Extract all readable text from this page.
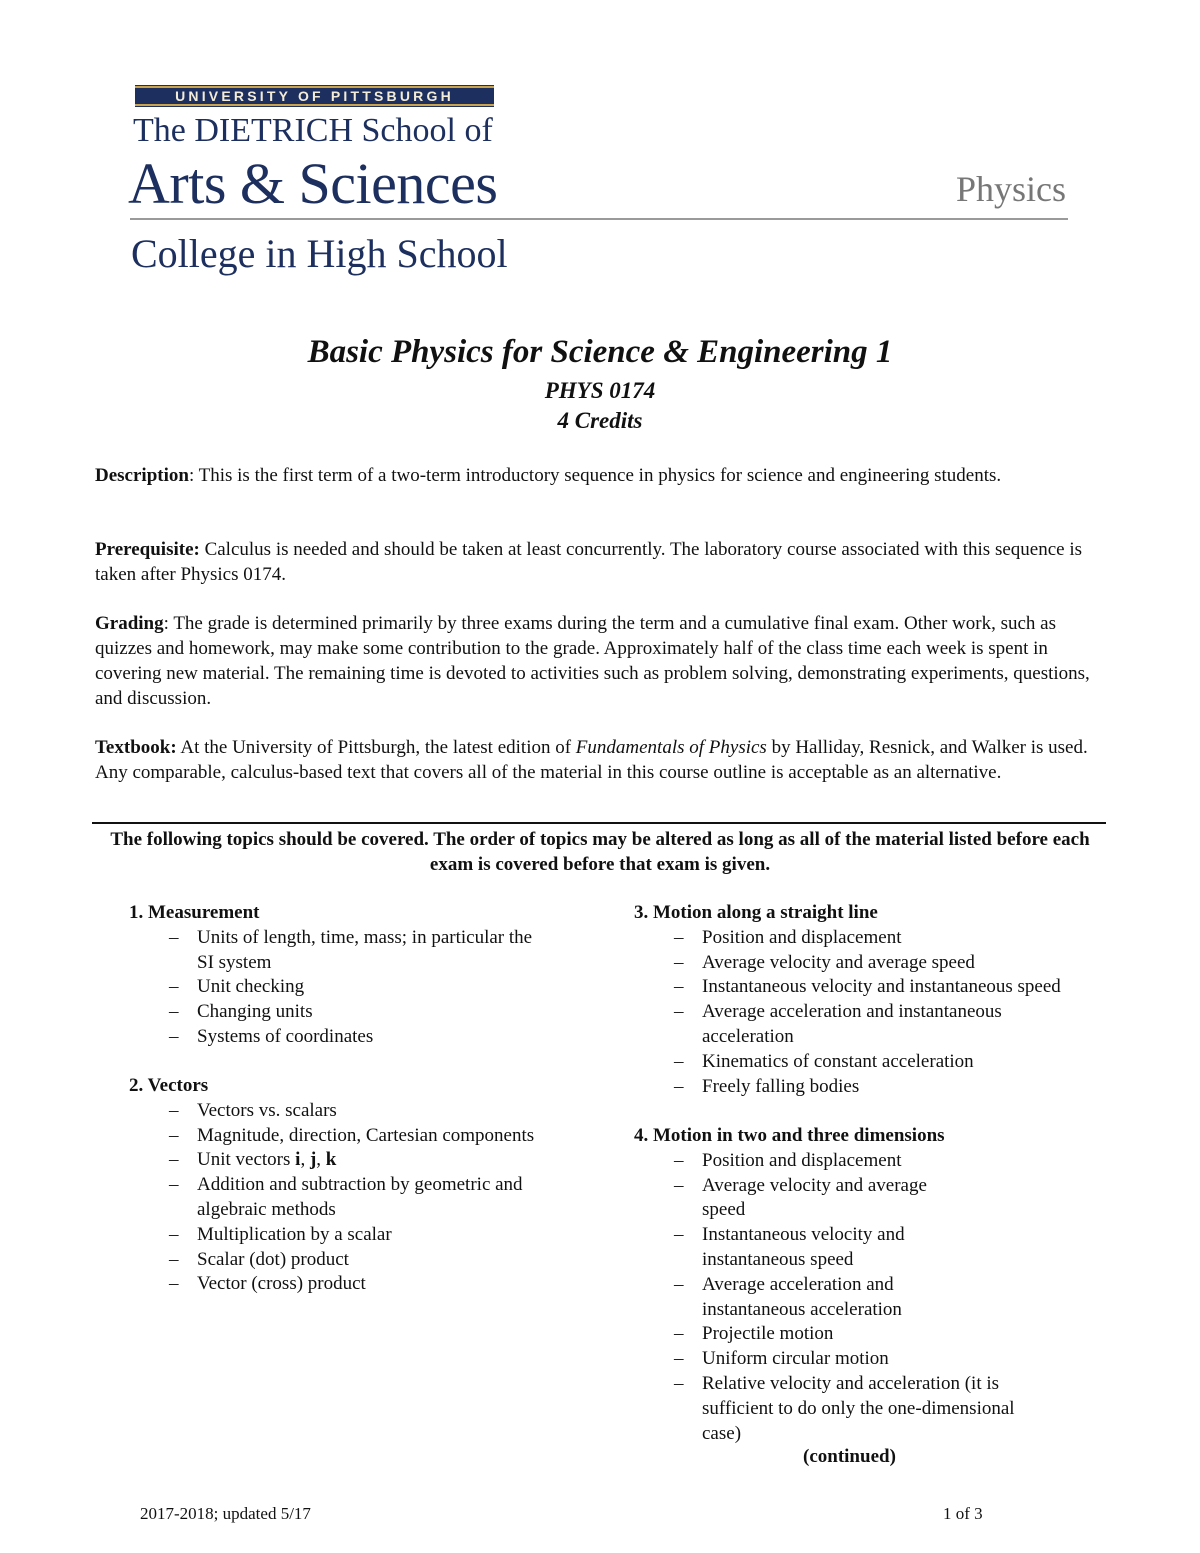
UNIVERSITY OF PITTSBURGH
The DIETRICH School of
Arts & Sciences	Physics
College in High School
Basic Physics for Science & Engineering 1
PHYS 0174
4 Credits
Description: This is the first term of a two-term introductory sequence in physics for science and engineering students.
Prerequisite: Calculus is needed and should be taken at least concurrently. The laboratory course associated with this sequence is taken after Physics 0174.
Grading: The grade is determined primarily by three exams during the term and a cumulative final exam. Other work, such as quizzes and homework, may make some contribution to the grade. Approximately half of the class time each week is spent in covering new material. The remaining time is devoted to activities such as problem solving, demonstrating experiments, questions, and discussion.
Textbook: At the University of Pittsburgh, the latest edition of Fundamentals of Physics by Halliday, Resnick, and Walker is used. Any comparable, calculus-based text that covers all of the material in this course outline is acceptable as an alternative.
The following topics should be covered. The order of topics may be altered as long as all of the material listed before each exam is covered before that exam is given.
1. Measurement
– Units of length, time, mass; in particular the SI system
– Unit checking
– Changing units
– Systems of coordinates
2. Vectors
– Vectors vs. scalars
– Magnitude, direction, Cartesian components
– Unit vectors i, j, k
– Addition and subtraction by geometric and algebraic methods
– Multiplication by a scalar
– Scalar (dot) product
– Vector (cross) product
3. Motion along a straight line
– Position and displacement
– Average velocity and average speed
– Instantaneous velocity and instantaneous speed
– Average acceleration and instantaneous acceleration
– Kinematics of constant acceleration
– Freely falling bodies
4. Motion in two and three dimensions
– Position and displacement
– Average velocity and average speed
– Instantaneous velocity and instantaneous speed
– Average acceleration and instantaneous acceleration
– Projectile motion
– Uniform circular motion
– Relative velocity and acceleration (it is sufficient to do only the one-dimensional case)
(continued)
2017-2018; updated 5/17	1 of 3
